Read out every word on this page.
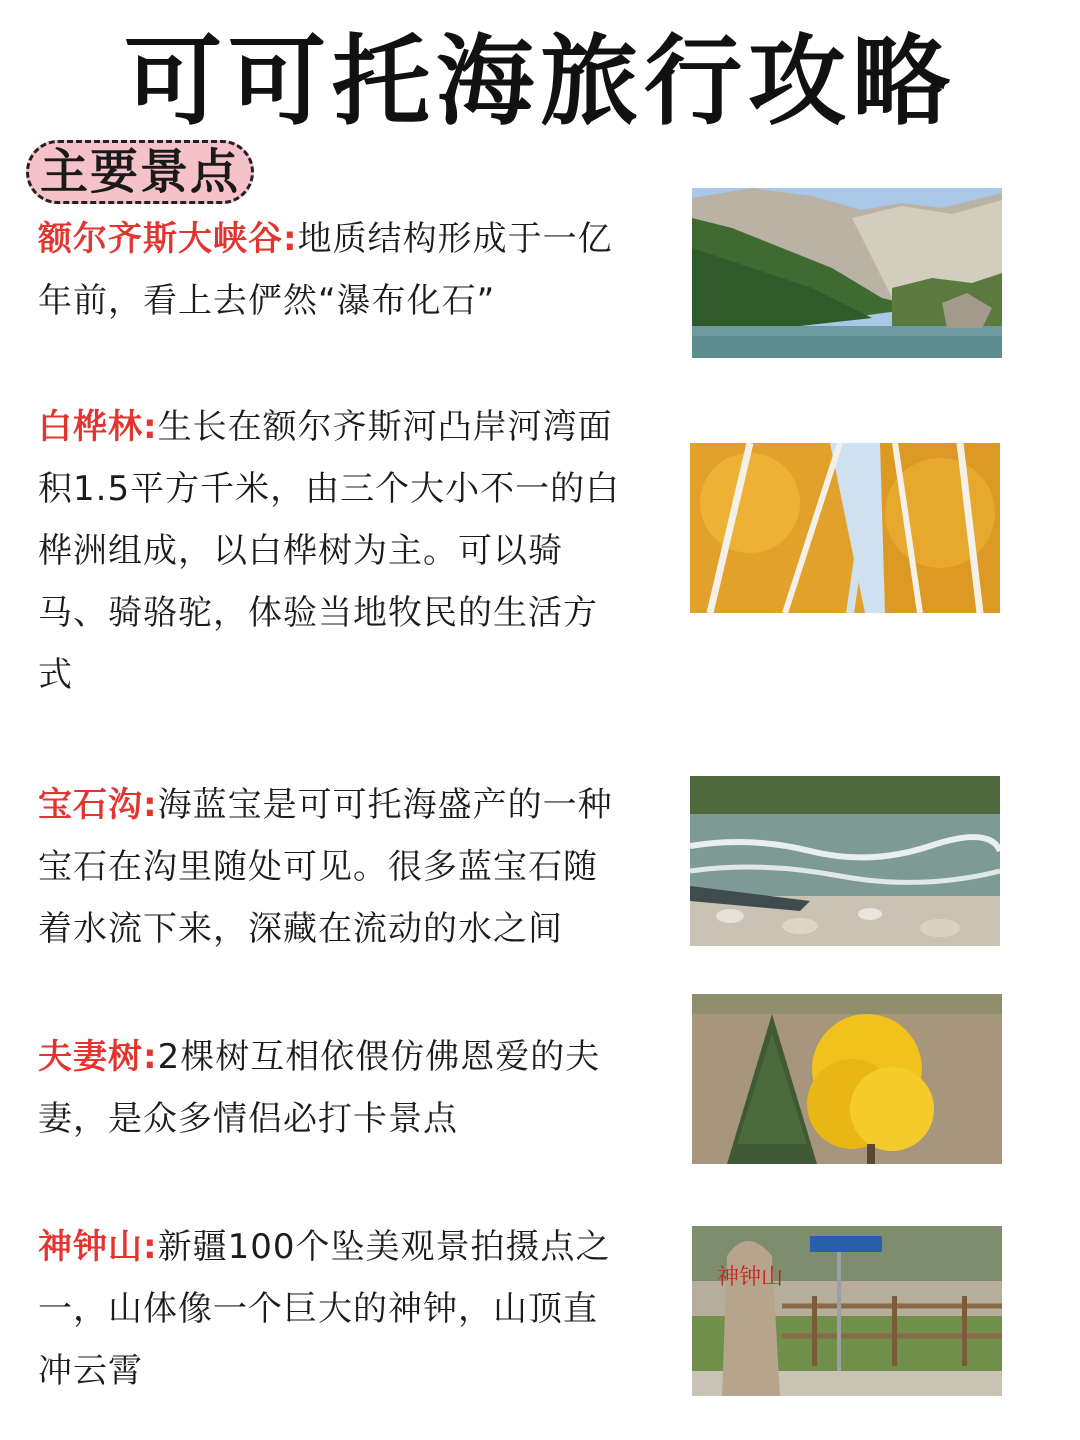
可可托海旅行攻略
主要景点
额尔齐斯大峡谷:地质结构形成于一亿年前，看上去俨然“瀑布化石”
白桦林:生长在额尔齐斯河凸岸河湾面积1.5平方千米，由三个大小不一的白桦洲组成，以白桦树为主。可以骑马、骑骆驼，体验当地牧民的生活方式
宝石沟:海蓝宝是可可托海盛产的一种宝石在沟里随处可见。很多蓝宝石随着水流下来，深藏在流动的水之间
夫妻树:2棵树互相依偎仿佛恩爱的夫妻，是众多情侣必打卡景点
神钟山:新疆100个坠美观景拍摄点之一，山体像一个巨大的神钟，山顶直冲云霄
神钟山
